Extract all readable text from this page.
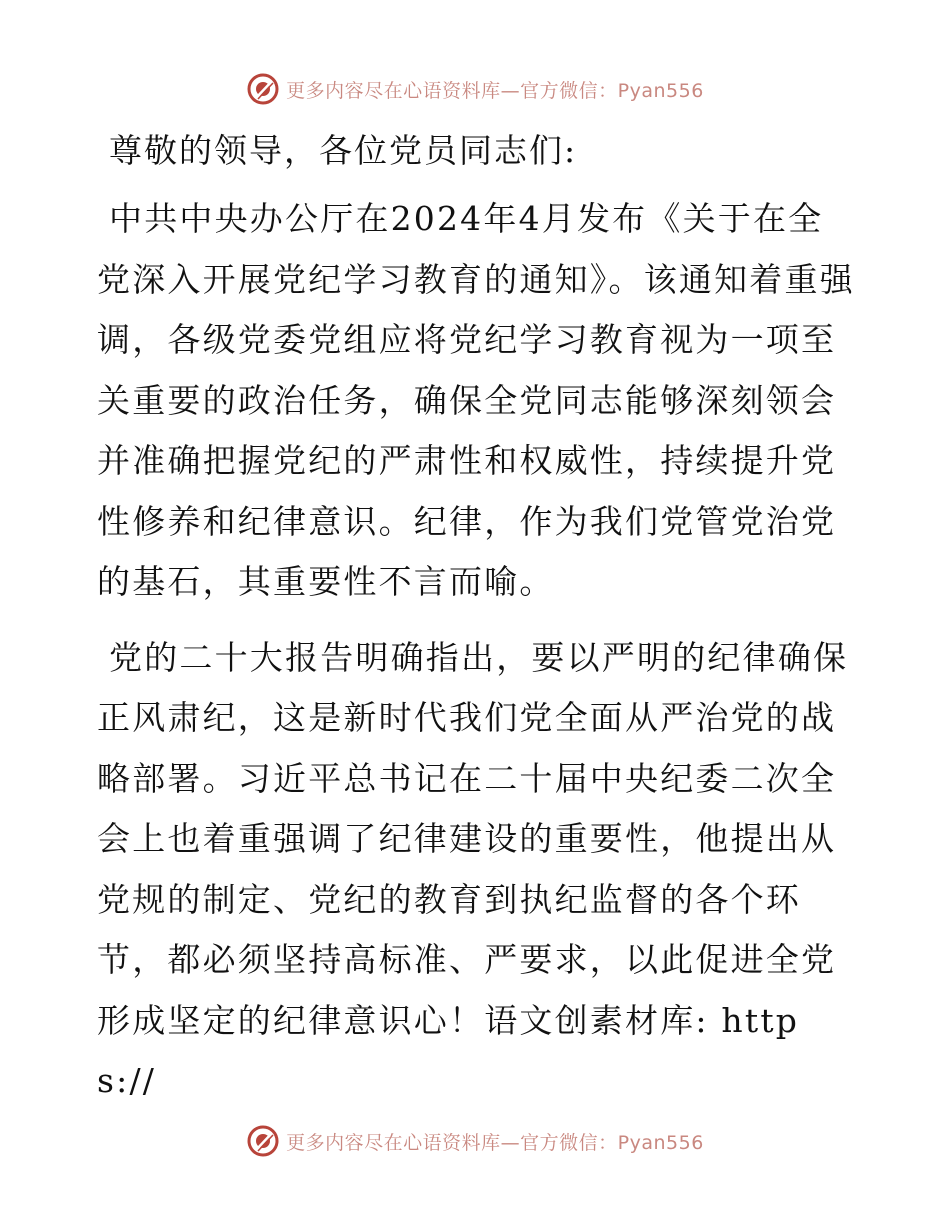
更多内容尽在心语资料库—官方微信：Pyan556

尊敬的领导，各位党员同志们:

中共中央办公厅在2024年4月发布《关于在全党深入开展党纪学习教育的通知》。该通知着重强调，各级党委党组应将党纪学习教育视为一项至关重要的政治任务，确保全党同志能够深刻领会并准确把握党纪的严肃性和权威性，持续提升党性修养和纪律意识。纪律，作为我们党管党治党的基石，其重要性不言而喻。

党的二十大报告明确指出，要以严明的纪律确保正风肃纪，这是新时代我们党全面从严治党的战略部署。习近平总书记在二十届中央纪委二次全会上也着重强调了纪律建设的重要性，他提出从党规的制定、党纪的教育到执纪监督的各个环节，都必须坚持高标准、严要求，以此促进全党形成坚定的纪律意识心！语文创素材库: https://

更多内容尽在心语资料库—官方微信：Pyan556
